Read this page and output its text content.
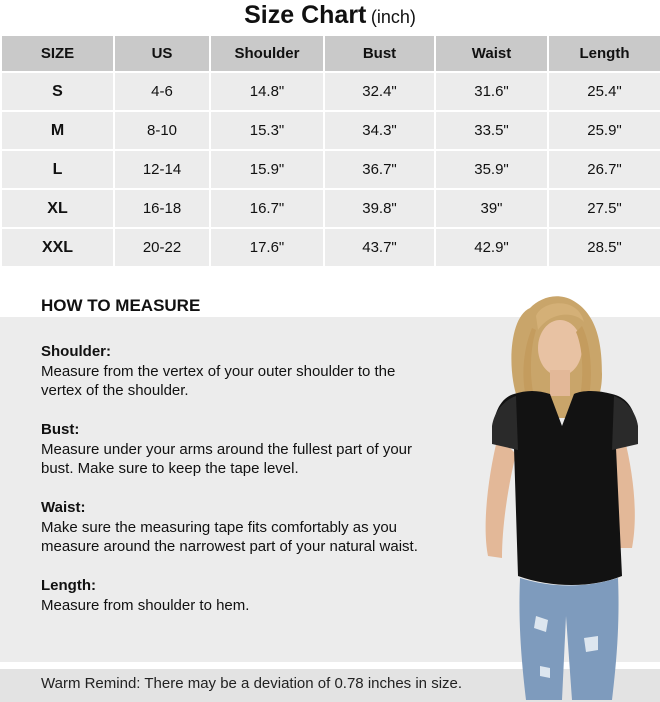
Size Chart (inch)
SIZE	US	Shoulder	Bust	Waist	Length
S	4-6	14.8"	32.4"	31.6"	25.4"
M	8-10	15.3"	34.3"	33.5"	25.9"
L	12-14	15.9"	36.7"	35.9"	26.7"
XL	16-18	16.7"	39.8"	39"	27.5"
XXL	20-22	17.6"	43.7"	42.9"	28.5"
HOW TO MEASURE
Shoulder:
Measure from the vertex of your outer shoulder to the
vertex of the shoulder.
Bust:
Measure under your arms around the fullest part of your
bust. Make sure to keep the tape level.
Waist:
Make sure the measuring tape fits comfortably as you
measure around the narrowest part of your natural waist.
Length:
Measure from shoulder to hem.
Warm Remind: There may be a deviation of 0.78 inches in size.
